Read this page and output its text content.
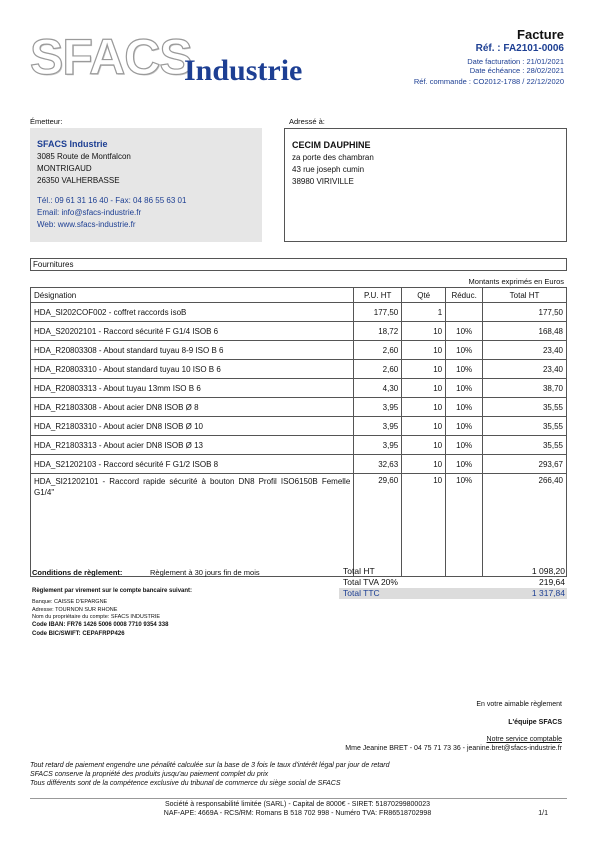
SFACS
Industrie
Facture
Réf. : FA2101-0006
Date facturation : 21/01/2021
Date échéance : 28/02/2021
Réf. commande : CO2012-1788 / 22/12/2020
Émetteur:
SFACS Industrie
3085 Route de Montfalcon
MONTRIGAUD
26350 VALHERBASSE
Tél.: 09 61 31 16 40 - Fax: 04 86 55 63 01
Email: info@sfacs-industrie.fr
Web: www.sfacs-industrie.fr
Adressé à:
CECIM DAUPHINE
za porte des chambran
43 rue joseph cumin
38980 VIRIVILLE
Fournitures
Montants exprimés en Euros
Désignation	P.U. HT	Qté	Réduc.	Total HT
HDA_SI202COF002 - coffret raccords isoB	177,50	1		177,50
HDA_S20202101 - Raccord sécurité F G1/4 ISOB 6	18,72	10	10%	168,48
HDA_R20803308 - About standard tuyau 8-9 ISO B 6	2,60	10	10%	23,40
HDA_R20803310 - About standard tuyau 10 ISO B 6	2,60	10	10%	23,40
HDA_R20803313 - About tuyau 13mm ISO B 6	4,30	10	10%	38,70
HDA_R21803308 - About acier DN8 ISOB Ø 8	3,95	10	10%	35,55
HDA_R21803310 - About acier DN8 ISOB Ø 10	3,95	10	10%	35,55
HDA_R21803313 - About acier DN8 ISOB Ø 13	3,95	10	10%	35,55
HDA_S21202103 - Raccord sécurité F G1/2 ISOB 8	32,63	10	10%	293,67
HDA_SI21202101 - Raccord rapide sécurité à bouton DN8 Profil ISO6150B Femelle G1/4"	29,60	10	10%	266,40
Conditions de règlement:	Règlement à 30 jours fin de mois
Règlement par virement sur le compte bancaire suivant:
Banque: CAISSE D'EPARGNE
Adresse: TOURNON SUR RHONE
Nom du propriétaire du compte: SFACS INDUSTRIE
Code IBAN: FR76 1426 5006 0008 7710 9354 338
Code BIC/SWIFT: CEPAFRPP426
Total HT	1 098,20
Total TVA 20%	219,64
Total TTC	1 317,84
En votre aimable règlement
L'équipe SFACS
Notre service comptable
Mme Jeanine BRET - 04 75 71 73 36 - jeanine.bret@sfacs-industrie.fr
Tout retard de paiement engendre une pénalité calculée sur la base de 3 fois le taux d'intérêt légal par jour de retard
SFACS conserve la propriété des produits jusqu'au paiement complet du prix
Tous différents sont de la compétence exclusive du tribunal de commerce du siège social de SFACS
Société à responsabilité limitée (SARL) - Capital de 8000€ - SIRET: 51870299800023
NAF-APE: 4669A - RCS/RM: Romans B 518 702 998 - Numéro TVA: FR86518702998	1/1
